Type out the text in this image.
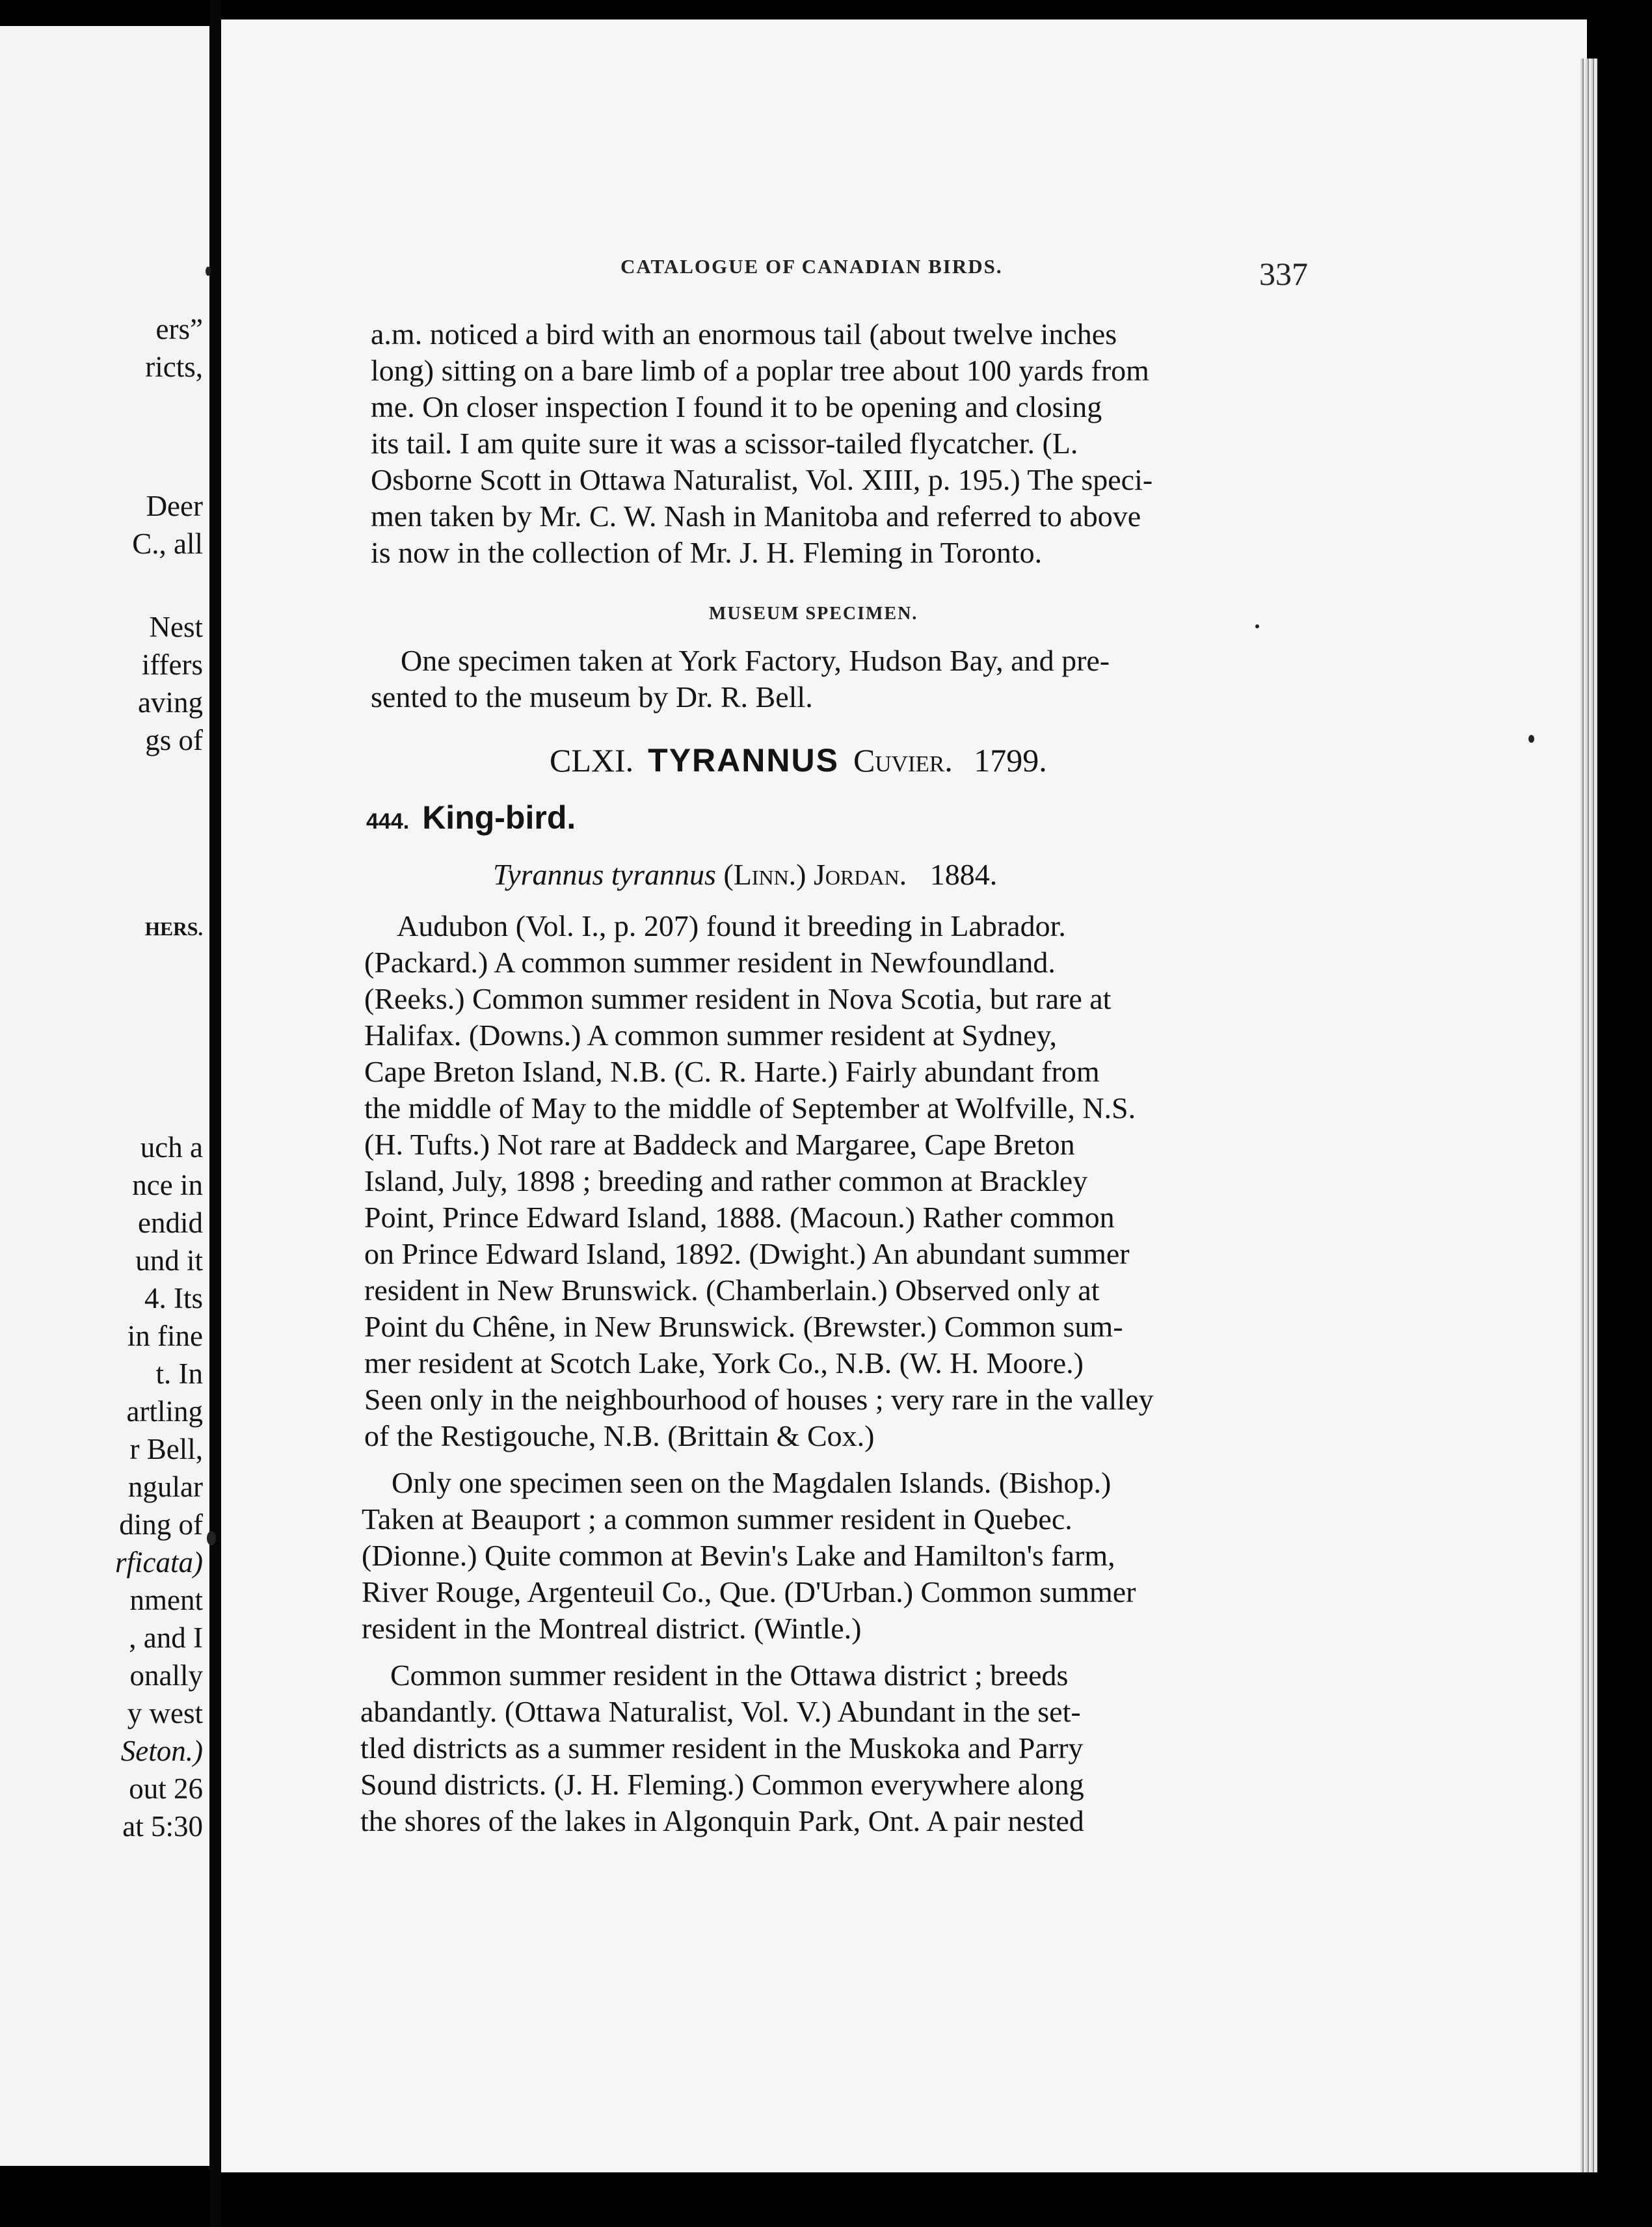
ers”
ricts,
Deer
C., all
Nest
iffers
aving
gs of
HERS.
uch a
nce in
endid
und it
4. Its
in fine
t. In
artling
r Bell,
ngular
ding of
rficata)
nment
, and I
onally
y west
Seton.)
out 26
at 5:30
CATALOGUE OF CANADIAN BIRDS.	337
a.m. noticed a bird with an enormous tail (about twelve inches
long) sitting on a bare limb of a poplar tree about 100 yards from
me. On closer inspection I found it to be opening and closing
its tail. I am quite sure it was a scissor-tailed flycatcher. (L.
Osborne Scott in Ottawa Naturalist, Vol. XIII, p. 195.) The speci-
men taken by Mr. C. W. Nash in Manitoba and referred to above
is now in the collection of Mr. J. H. Fleming in Toronto.
MUSEUM SPECIMEN.
One specimen taken at York Factory, Hudson Bay, and pre-
sented to the museum by Dr. R. Bell.
CLXI. TYRANNUS Cuvier. 1799.
444. King-bird.
Tyrannus tyrannus (Linn.) Jordan. 1884.
Audubon (Vol. I., p. 207) found it breeding in Labrador.
(Packard.) A common summer resident in Newfoundland.
(Reeks.) Common summer resident in Nova Scotia, but rare at
Halifax. (Downs.) A common summer resident at Sydney,
Cape Breton Island, N.B. (C. R. Harte.) Fairly abundant from
the middle of May to the middle of September at Wolfville, N.S.
(H. Tufts.) Not rare at Baddeck and Margaree, Cape Breton
Island, July, 1898 ; breeding and rather common at Brackley
Point, Prince Edward Island, 1888. (Macoun.) Rather common
on Prince Edward Island, 1892. (Dwight.) An abundant summer
resident in New Brunswick. (Chamberlain.) Observed only at
Point du Chêne, in New Brunswick. (Brewster.) Common sum-
mer resident at Scotch Lake, York Co., N.B. (W. H. Moore.)
Seen only in the neighbourhood of houses ; very rare in the valley
of the Restigouche, N.B. (Brittain & Cox.)
Only one specimen seen on the Magdalen Islands. (Bishop.)
Taken at Beauport ; a common summer resident in Quebec.
(Dionne.) Quite common at Bevin's Lake and Hamilton's farm,
River Rouge, Argenteuil Co., Que. (D'Urban.) Common summer
resident in the Montreal district. (Wintle.)
Common summer resident in the Ottawa district ; breeds
abandantly. (Ottawa Naturalist, Vol. V.) Abundant in the set-
tled districts as a summer resident in the Muskoka and Parry
Sound districts. (J. H. Fleming.) Common everywhere along
the shores of the lakes in Algonquin Park, Ont. A pair nested
